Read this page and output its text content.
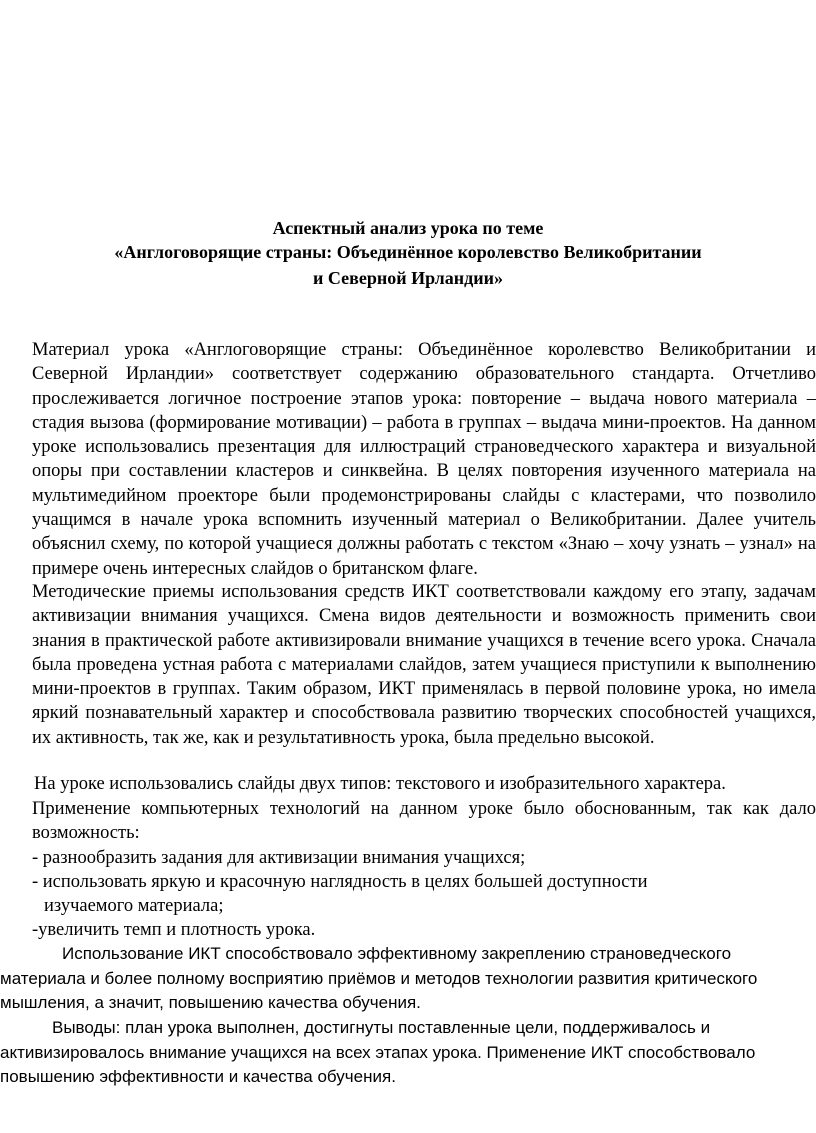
Аспектный анализ урока по теме

«Англоговорящие страны: Объединённое королевство Великобритании

и Северной Ирландии»

Материал урока «Англоговорящие страны: Объединённое королевство Великобритании и Северной Ирландии» соответствует содержанию образовательного стандарта. Отчетливо прослеживается логичное построение этапов урока: повторение – выдача нового материала – стадия вызова (формирование мотивации) – работа в группах – выдача мини-проектов. На данном уроке использовались презентация для иллюстраций страноведческого характера и визуальной опоры при составлении кластеров и синквейна. В целях повторения изученного материала на мультимедийном проекторе были продемонстрированы слайды с кластерами, что позволило учащимся в начале урока вспомнить изученный материал о Великобритании. Далее учитель объяснил схему, по которой учащиеся должны работать с текстом «Знаю – хочу узнать – узнал» на примере очень интересных слайдов о британском флаге.

Методические приемы использования средств ИКТ соответствовали каждому его этапу, задачам активизации внимания учащихся. Смена видов деятельности и возможность применить свои знания в практической работе активизировали внимание учащихся в течение всего урока. Сначала была проведена устная работа с материалами слайдов, затем учащиеся приступили к выполнению мини-проектов в группах. Таким образом, ИКТ применялась в первой половине урока, но имела яркий познавательный характер и способствовала развитию творческих способностей учащихся, их активность, так же, как и результативность урока, была предельно высокой.

На уроке использовались слайды двух типов: текстового и изобразительного характера.

Применение компьютерных технологий на данном уроке было обоснованным, так как дало возможность:

- разнообразить задания для активизации внимания учащихся;

- использовать яркую и красочную наглядность в целях большей доступности

изучаемого материала;

-увеличить темп и плотность урока.

Использование ИКТ способствовало эффективному закреплению страноведческого материала и более полному восприятию приёмов и методов технологии развития критического мышления, а значит, повышению качества обучения.

Выводы: план урока выполнен, достигнуты поставленные цели, поддерживалось и активизировалось внимание учащихся на всех этапах урока. Применение ИКТ способствовало повышению эффективности и качества обучения.
